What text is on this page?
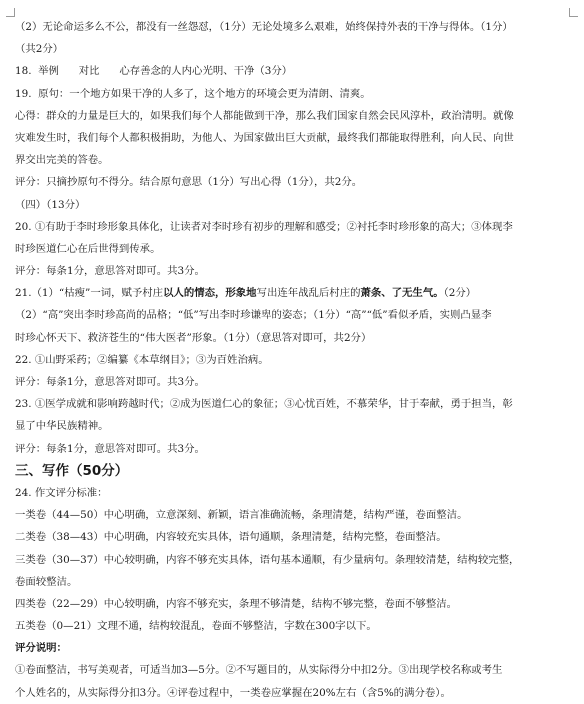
（2）无论命运多么不公，都没有一丝怨怼，（1分）无论处境多么艰难，始终保持外表的干净与得体。（1分）
（共2分）
18.  举例      对比      心存善念的人内心光明、干净（3分）
19.  原句：一个地方如果干净的人多了，这个地方的环境会更为清朗、清爽。
心得：群众的力量是巨大的，如果我们每个人都能做到干净，那么我们国家自然会民风淳朴，政治清明。就像
灾难发生时，我们每个人都积极捐助，为他人、为国家做出巨大贡献，最终我们都能取得胜利，向人民、向世
界交出完美的答卷。
评分：只摘抄原句不得分。结合原句意思（1分）写出心得（1分），共2分。
（四）（13分）
20. ①有助于李时珍形象具体化，让读者对李时珍有初步的理解和感受；②衬托李时珍形象的高大；③体现李
时珍医道仁心在后世得到传承。
评分：每条1分，意思答对即可。共3分。
21.（1）“枯瘦”一词，赋予村庄以人的情态，形象地写出连年战乱后村庄的萧条、了无生气。（2分）
（2）“高”突出李时珍高尚的品格；“低”写出李时珍谦卑的姿态；（1分）“高”“低”看似矛盾，实则凸显李
时珍心怀天下、救济苍生的“伟大医者”形象。（1分）（意思答对即可，共2分）
22. ①山野采药；②编纂《本草纲目》；③为百姓治病。
评分：每条1分，意思答对即可。共3分。
23. ①医学成就和影响跨越时代；②成为医道仁心的象征；③心忧百姓，不慕荣华，甘于奉献，勇于担当，彰
显了中华民族精神。
评分：每条1分，意思答对即可。共3分。
三、写作（50分）
24. 作文评分标准：
一类卷（44—50）中心明确，立意深刻、新颖，语言准确流畅，条理清楚，结构严谨，卷面整洁。
二类卷（38—43）中心明确，内容较充实具体，语句通顺，条理清楚，结构完整，卷面整洁。
三类卷（30—37）中心较明确，内容不够充实具体，语句基本通顺，有少量病句。条理较清楚，结构较完整，
卷面较整洁。
四类卷（22—29）中心较明确，内容不够充实，条理不够清楚，结构不够完整，卷面不够整洁。
五类卷（0—21）文理不通，结构较混乱，卷面不够整洁，字数在300字以下。
评分说明：
①卷面整洁，书写美观者，可适当加3—5分。②不写题目的，从实际得分中扣2分。③出现学校名称或考生
个人姓名的，从实际得分扣3分。④评卷过程中，一类卷应掌握在20%左右（含5%的满分卷）。
